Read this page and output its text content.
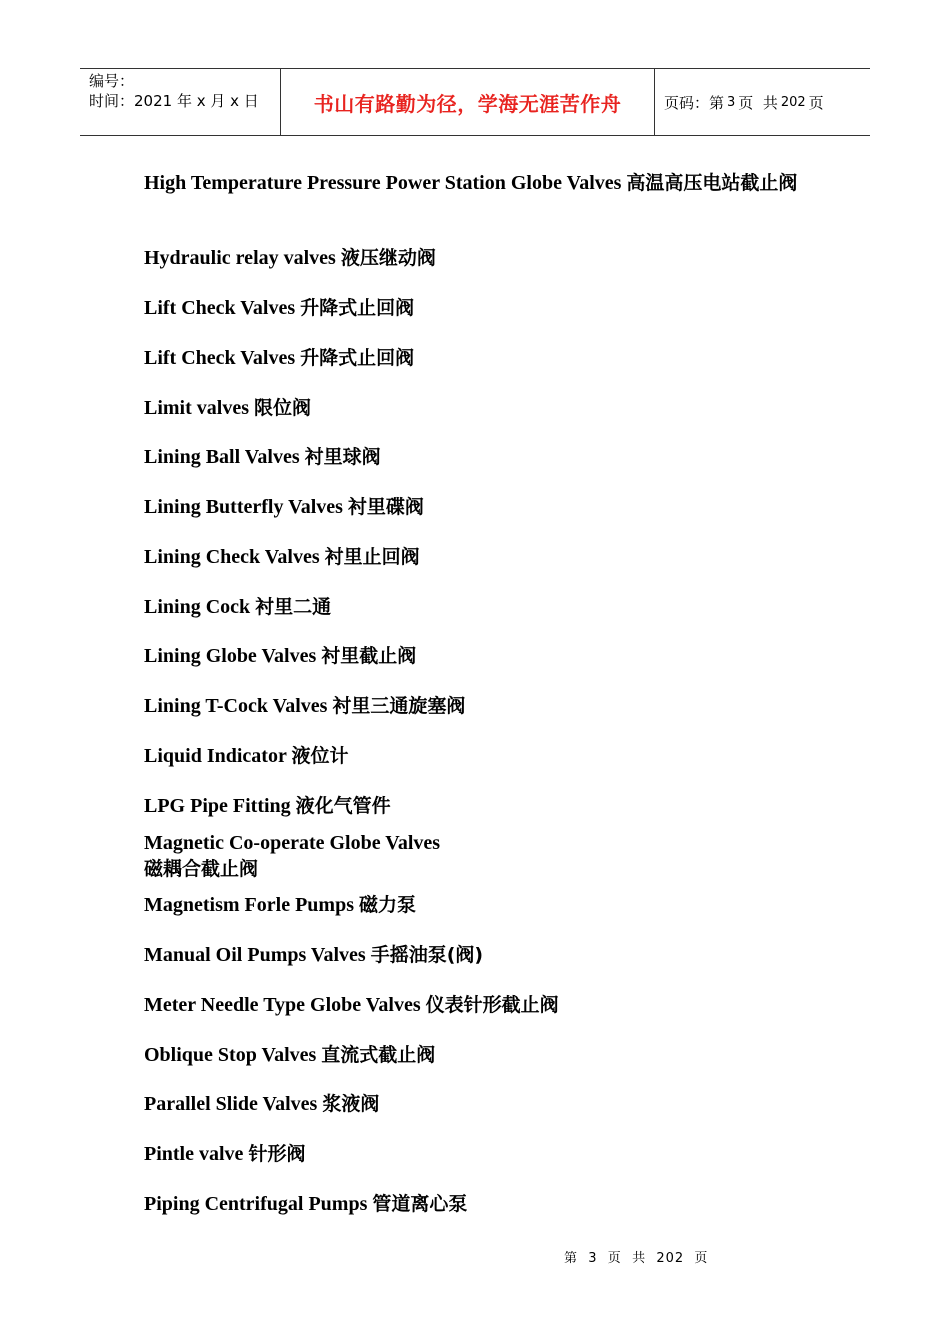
编号：
时间：2021 年 x 月 x 日	书山有路勤为径，学海无涯苦作舟	页码：第 3 页  共 202 页
High Temperature Pressure Power Station Globe Valves 高温高压电站截止阀
Hydraulic relay valves 液压继动阀
Lift Check Valves 升降式止回阀
Lift Check Valves 升降式止回阀
Limit valves 限位阀
Lining Ball Valves 衬里球阀
Lining Butterfly Valves 衬里碟阀
Lining Check Valves 衬里止回阀
Lining Cock 衬里二通
Lining Globe Valves 衬里截止阀
Lining T-Cock Valves 衬里三通旋塞阀
Liquid Indicator 液位计
LPG Pipe Fitting 液化气管件
Magnetic Co-operate Globe Valves
磁耦合截止阀
Magnetism Forle Pumps 磁力泵
Manual Oil Pumps Valves 手摇油泵(阀)
Meter Needle Type Globe Valves 仪表针形截止阀
Oblique Stop Valves 直流式截止阀
Parallel Slide Valves 浆液阀
Pintle valve 针形阀
Piping Centrifugal Pumps 管道离心泵
第  3  页  共  202  页
